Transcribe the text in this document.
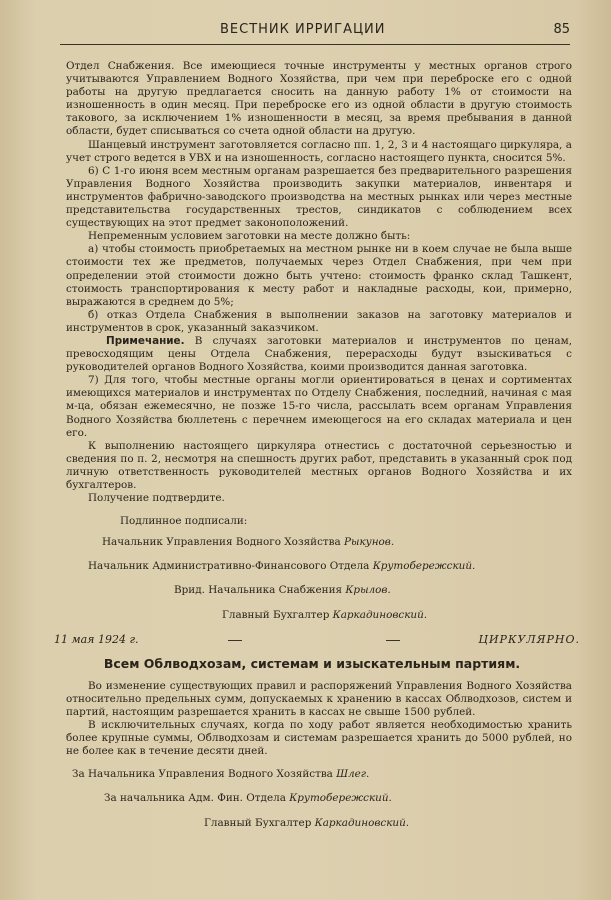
ВЕСТНИК ИРРИГАЦИИ	85

Отдел Снабжения. Все имеющиеся точные инструменты у местных органов строго учитываются Управлением Водного Хозяйства, при чем при переброске его с одной работы на другую предлагается сносить на данную работу 1% от стоимости на изношенность в один месяц. При переброске его из одной области в другую стоимость такового, за исключением 1% изношенности в месяц, за время пребывания в данной области, будет списываться со счета одной области на другую.

Шанцевый инструмент заготовляется согласно пп. 1, 2, 3 и 4 настоящаго циркуляра, а учет строго ведется в УВХ и на изношенность, согласно настоящего пункта, сносится 5%.

6) С 1-го июня всем местным органам разрешается без предварительного разрешения Управления Водного Хозяйства производить закупки материалов, инвентаря и инструментов фабрично-заводского производства на местных рынках или через местные представительства государственных трестов, синдикатов с соблюдением всех существующих на этот предмет законоположений.

Непременным условием заготовки на месте должно быть:

а) чтобы стоимость приобретаемых на местном рынке ни в коем случае не была выше стоимости тех же предметов, получаемых через Отдел Снабжения, при чем при определении этой стоимости дожно быть учтено: стоимость франко склад Ташкент, стоимость транспортирования к месту работ и накладные расходы, кои, примерно, выражаются в среднем до 5%;

б) отказ Отдела Снабжения в выполнении заказов на заготовку материалов и инструментов в срок, указанный заказчиком.

Примечание. В случаях заготовки материалов и инструментов по ценам, превосходящим цены Отдела Снабжения, перерасходы будут взыскиваться с руководителей органов Водного Хозяйства, коими производится данная заготовка.

7) Для того, чтобы местные органы могли ориентироваться в ценах и сортиментах имеющихся материалов и инструментах по Отделу Снабжения, последний, начиная с мая м-ца, обязан ежемесячно, не позже 15-го числа, рассылать всем органам Управления Водного Хозяйства бюллетень с перечнем имеющегося на его складах материала и цен его.

К выполнению настоящего циркуляра отнестись с достаточной серьезностью и сведения по п. 2, несмотря на спешность других работ, представить в указанный срок под личную ответственность руководителей местных органов Водного Хозяйства и их бухгалтеров.

Получение подтвердите.

Подлинное подписали:

Начальник Управления Водного Хозяйства Рыкунов.

Начальник Административно-Финансового Отдела Крутобережский.

Врид. Начальника Снабжения Крылов.

Главный Бухгалтер Каркадиновский.

11 мая 1924 г.	ЦИРКУЛЯРНО.

Всем Облводхозам, системам и изыскательным партиям.

Во изменение существующих правил и распоряжений Управления Водного Хозяйства относительно предельных сумм, допускаемых к хранению в кассах Облводхозов, систем и партий, настоящим разрешается хранить в кассах не свыше 1500 рублей.

В исключительных случаях, когда по ходу работ является необходимостью хранить более крупные суммы, Облводхозам и системам разрешается хранить до 5000 рублей, но не более как в течение десяти дней.

За Начальника Управления Водного Хозяйства Шлег.

За начальника Адм. Фин. Отдела Крутобережский.

Главный Бухгалтер Каркадиновский.
